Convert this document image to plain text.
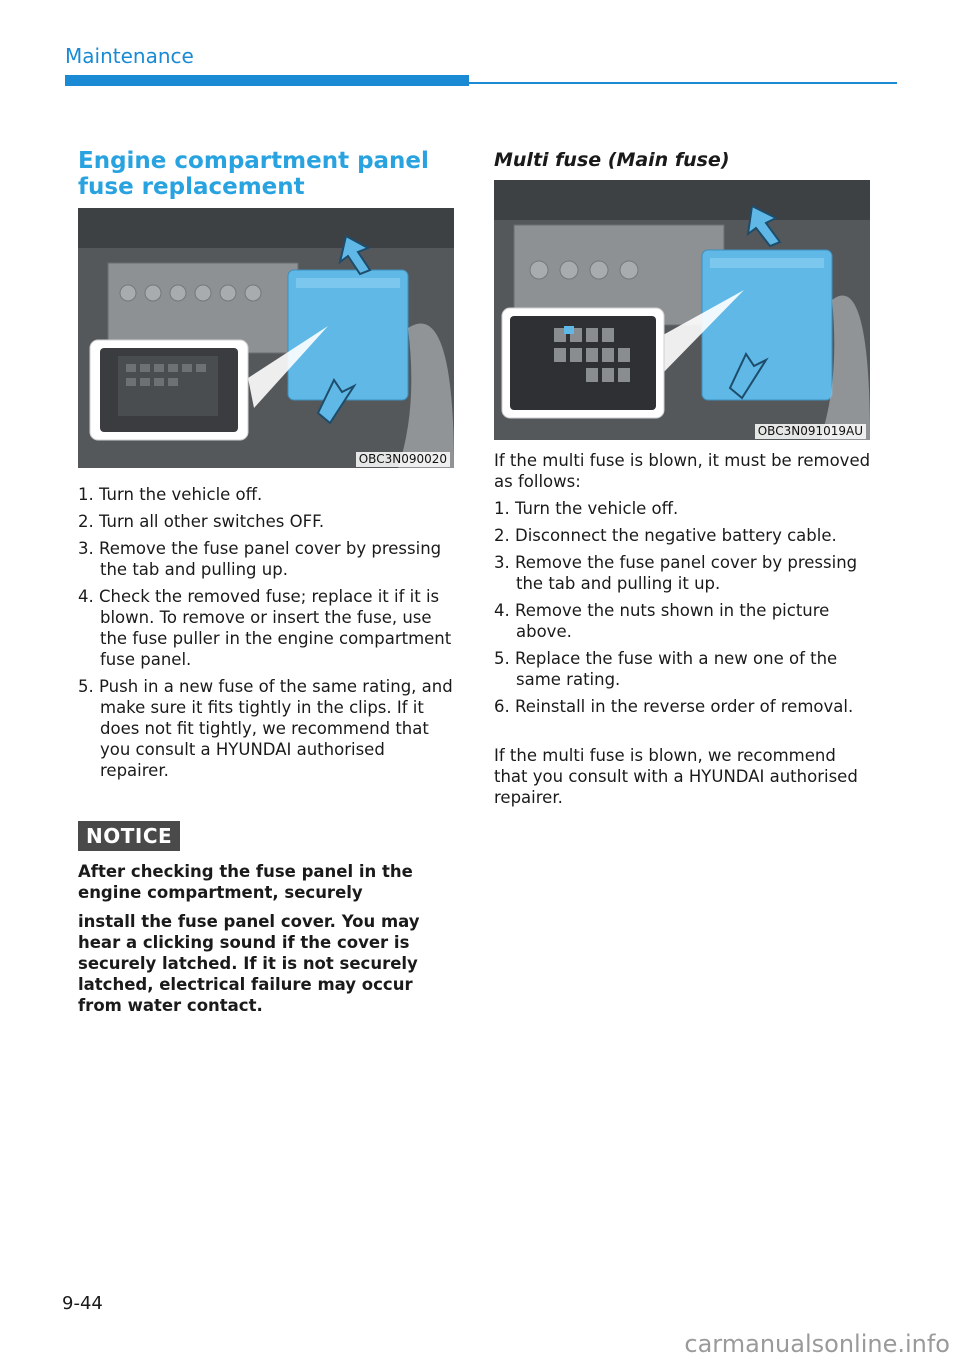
Maintenance
Engine compartment panel fuse replacement
OBC3N090020
1. Turn the vehicle off.
2. Turn all other switches OFF.
3. Remove the fuse panel cover by pressing the tab and pulling up.
4. Check the removed fuse; replace it if it is blown. To remove or insert the fuse, use the fuse puller in the engine compartment fuse panel.
5. Push in a new fuse of the same rating, and make sure it fits tightly in the clips. If it does not fit tightly, we recommend that you consult a HYUNDAI authorised repairer.
NOTICE

After checking the fuse panel in the engine compartment, securely

install the fuse panel cover. You may hear a clicking sound if the cover is securely latched. If it is not securely latched, electrical failure may occur from water contact.

Multi fuse (Main fuse)
OBC3N091019AU

If the multi fuse is blown, it must be removed as follows:

1. Turn the vehicle off.
2. Disconnect the negative battery cable.
3. Remove the fuse panel cover by pressing the tab and pulling it up.
4. Remove the nuts shown in the picture above.
5. Replace the fuse with a new one of the same rating.
6. Reinstall in the reverse order of removal.

If the multi fuse is blown, we recommend that you consult with a HYUNDAI authorised repairer.

9-44
carmanualsonline.info
